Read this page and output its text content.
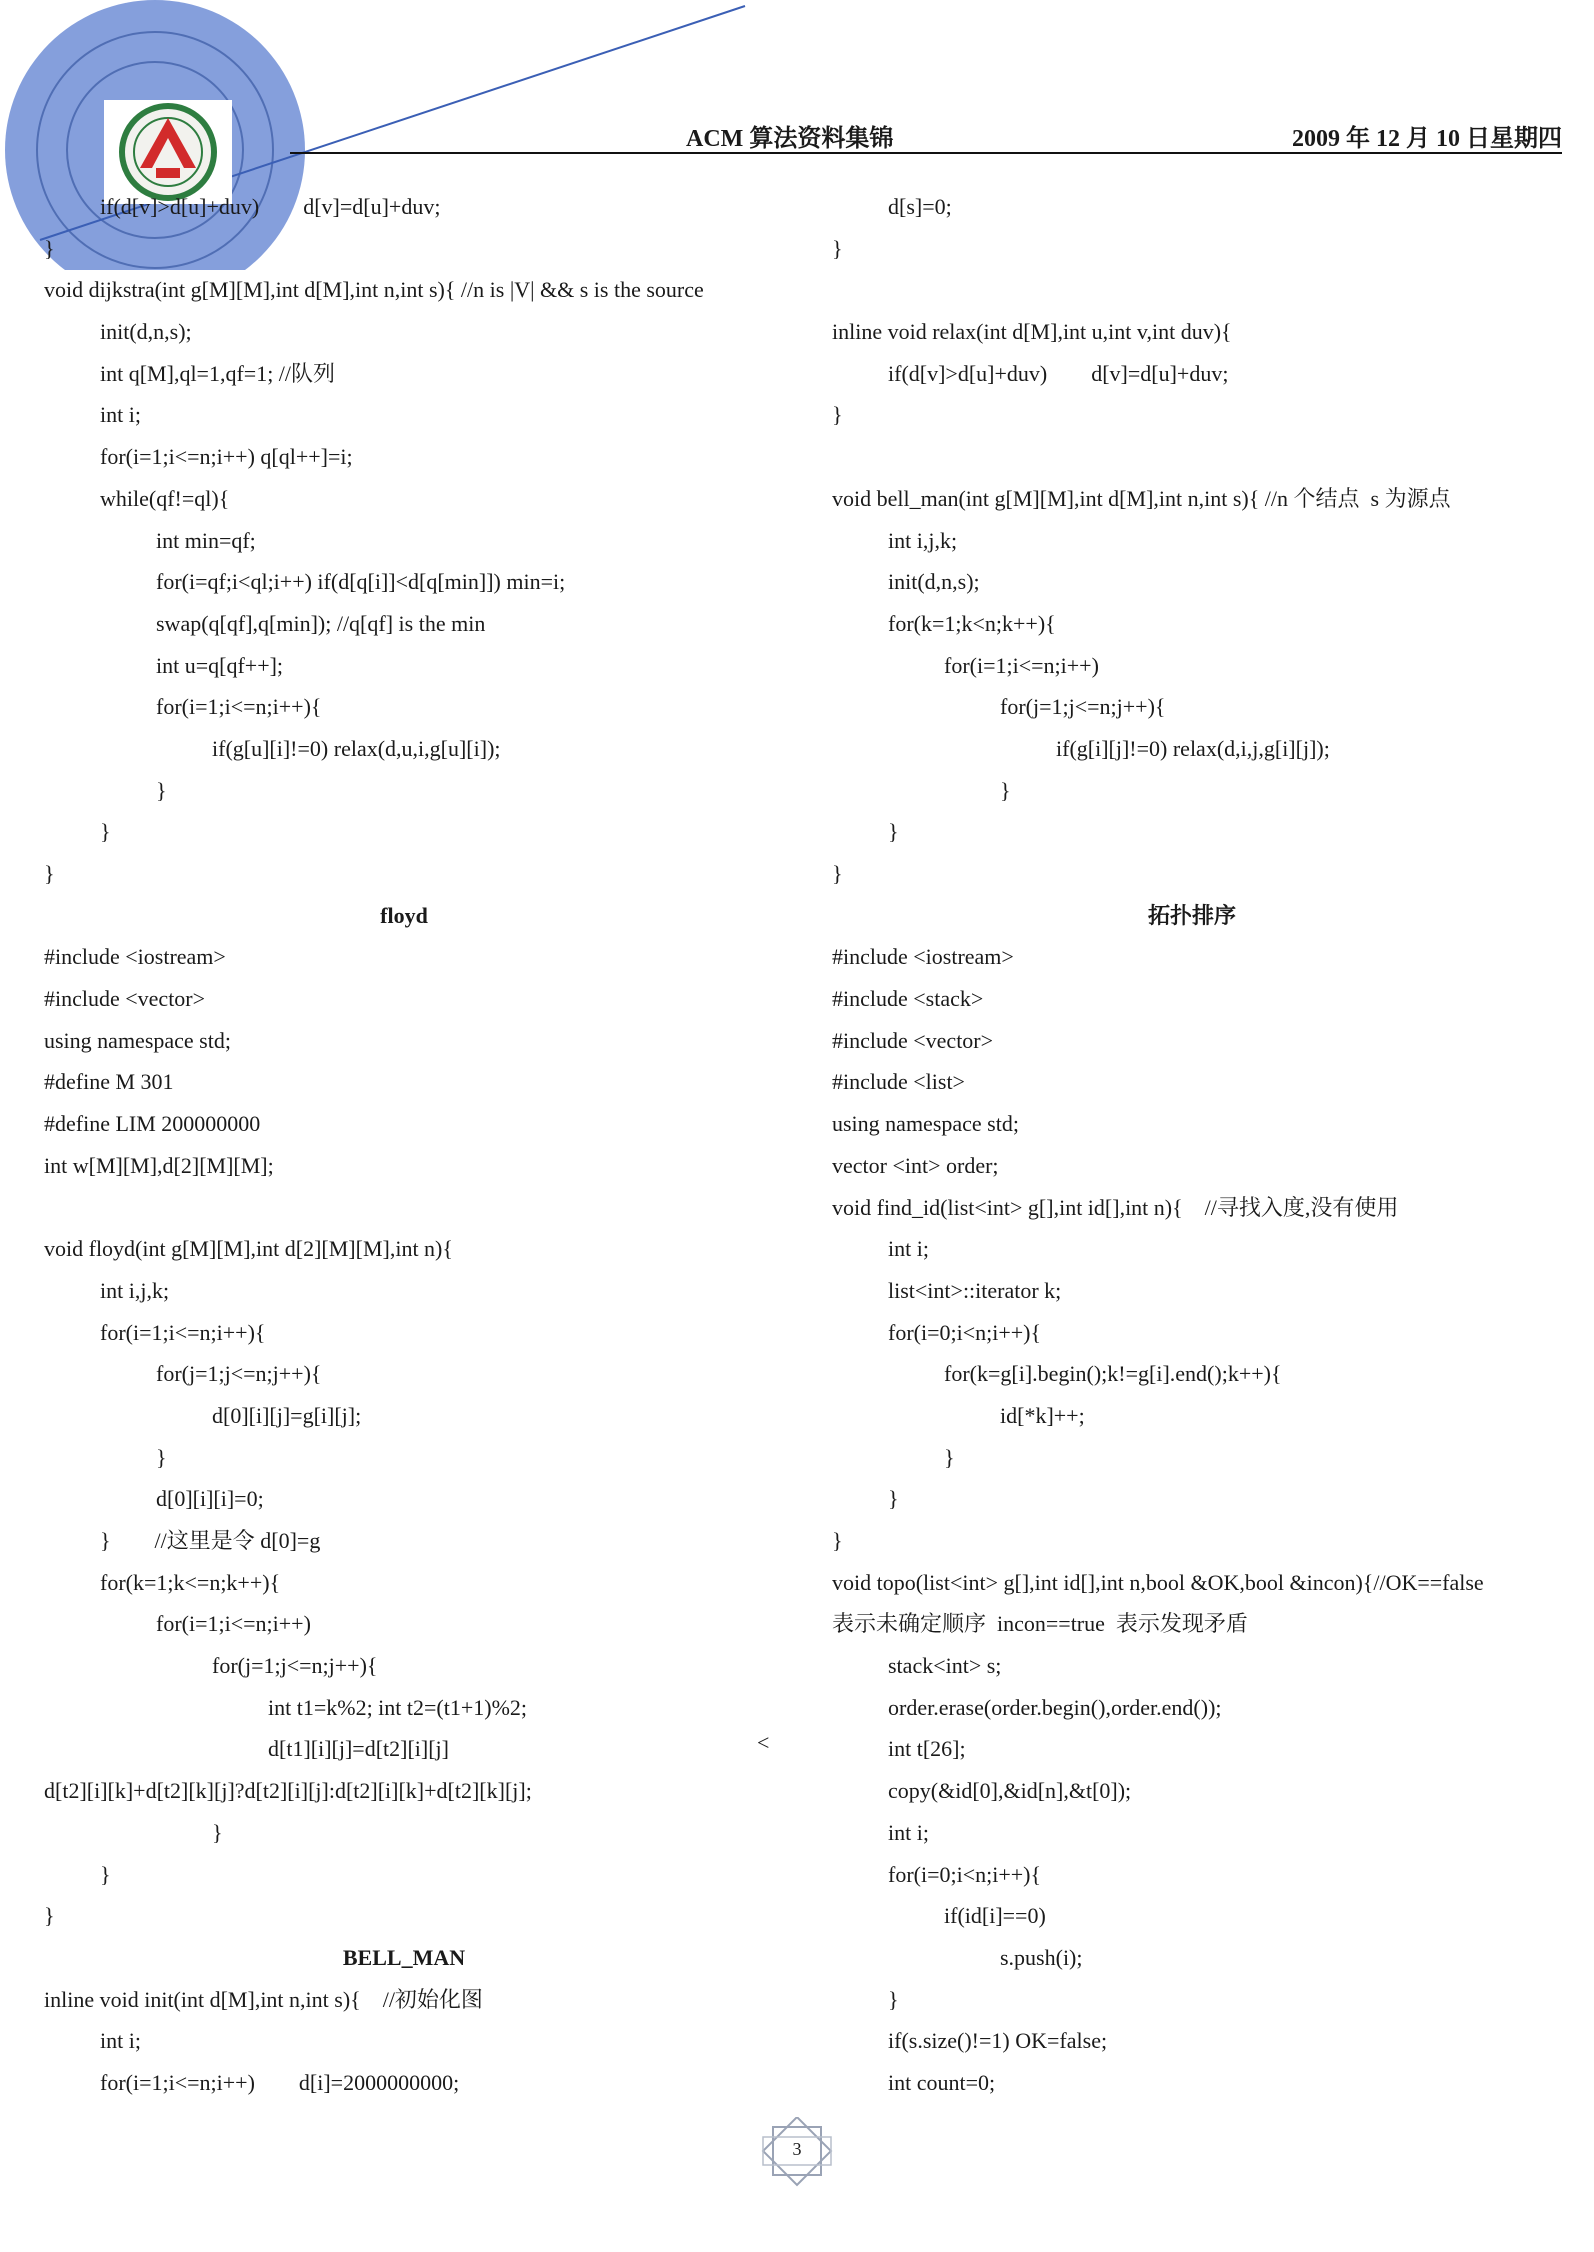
ACM 算法资料集锦	2009 年 12 月 10 日星期四
if(d[v]>d[u]+duv)        d[v]=d[u]+duv;
}
void dijkstra(int g[M][M],int d[M],int n,int s){ //n is |V| && s is the source
init(d,n,s);
int q[M],ql=1,qf=1; //队列
int i;
for(i=1;i<=n;i++) q[ql++]=i;
while(qf!=ql){
int min=qf;
for(i=qf;i<ql;i++) if(d[q[i]]<d[q[min]]) min=i;
swap(q[qf],q[min]); //q[qf] is the min
int u=q[qf++];
for(i=1;i<=n;i++){
if(g[u][i]!=0) relax(d,u,i,g[u][i]);
}
}
}
floyd
#include <iostream>
#include <vector>
using namespace std;
#define M 301
#define LIM 200000000
int w[M][M],d[2][M][M];
void floyd(int g[M][M],int d[2][M][M],int n){
int i,j,k;
for(i=1;i<=n;i++){
for(j=1;j<=n;j++){
d[0][i][j]=g[i][j];
}
d[0][i][i]=0;
}        //这里是令 d[0]=g
for(k=1;k<=n;k++){
for(i=1;i<=n;i++)
for(j=1;j<=n;j++){
int t1=k%2; int t2=(t1+1)%2;
d[t1][i][j]=d[t2][i][j]
d[t2][i][k]+d[t2][k][j]?d[t2][i][j]:d[t2][i][k]+d[t2][k][j];
}
}
}
BELL_MAN
inline void init(int d[M],int n,int s){    //初始化图
int i;
for(i=1;i<=n;i++)        d[i]=2000000000;
d[s]=0;
}
inline void relax(int d[M],int u,int v,int duv){
if(d[v]>d[u]+duv)        d[v]=d[u]+duv;
}
void bell_man(int g[M][M],int d[M],int n,int s){ //n 个结点  s 为源点
int i,j,k;
init(d,n,s);
for(k=1;k<n;k++){
for(i=1;i<=n;i++)
for(j=1;j<=n;j++){
if(g[i][j]!=0) relax(d,i,j,g[i][j]);
}
}
}
拓扑排序
#include <iostream>
#include <stack>
#include <vector>
#include <list>
using namespace std;
vector <int> order;
void find_id(list<int> g[],int id[],int n){    //寻找入度,没有使用
int i;
list<int>::iterator k;
for(i=0;i<n;i++){
for(k=g[i].begin();k!=g[i].end();k++){
id[*k]++;
}
}
}
void topo(list<int> g[],int id[],int n,bool &OK,bool &incon){//OK==false
表示未确定顺序  incon==true  表示发现矛盾
stack<int> s;
order.erase(order.begin(),order.end());
int t[26];
copy(&id[0],&id[n],&t[0]);
int i;
for(i=0;i<n;i++){
if(id[i]==0)
s.push(i);
}
if(s.size()!=1) OK=false;
int count=0;
<
3
